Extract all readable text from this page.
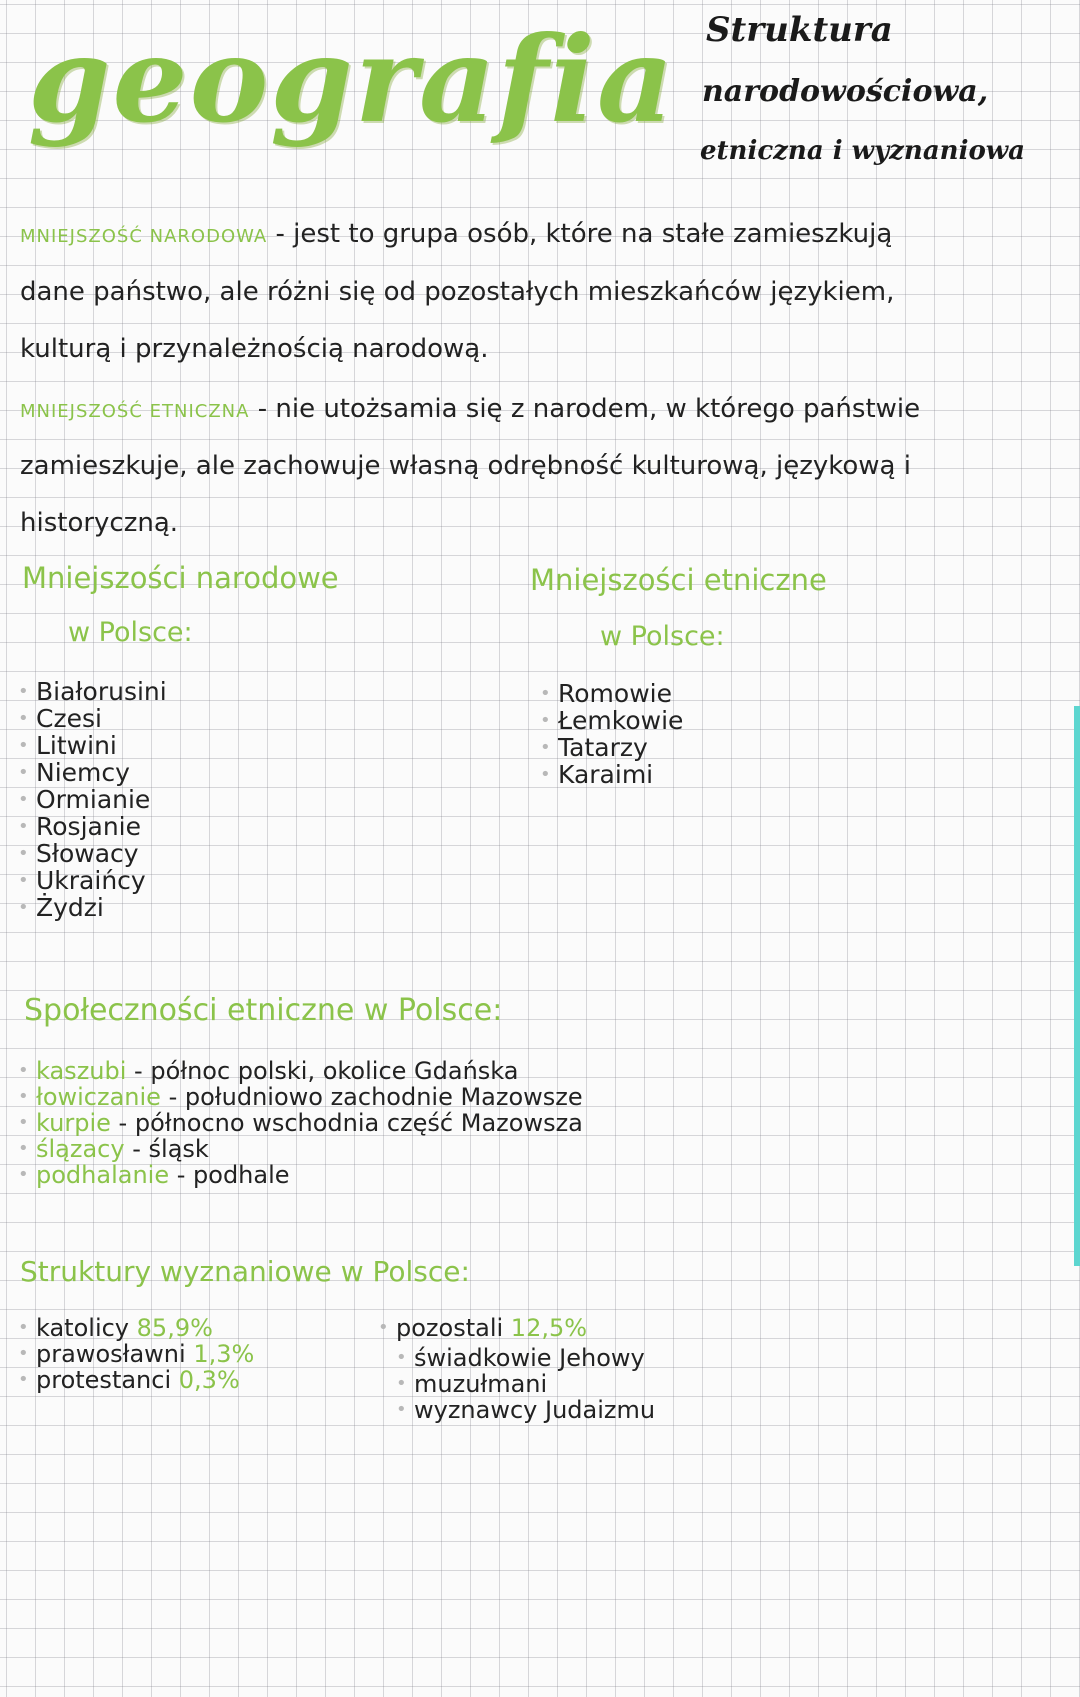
geografia Struktura
narodowościowa,
etniczna i wyznaniowa
MNIEJSZOŚĆ NARODOWA - jest to grupa osób, które na stałe zamieszkują
dane państwo, ale różni się od pozostałych mieszkańców językiem,
kulturą i przynależnością narodową.
MNIEJSZOŚĆ ETNICZNA - nie utożsamia się z narodem, w którego państwie
zamieszkuje, ale zachowuje własną odrębność kulturową, językową i
historyczną.
Mniejszości narodowe
w Polsce:
• Białorusini
• Czesi
• Litwini
• Niemcy
• Ormianie
• Rosjanie
• Słowacy
• Ukraińcy
• Żydzi
Mniejszości etniczne
w Polsce:
• Romowie
• Łemkowie
• Tatarzy
• Karaimi
Społeczności etniczne w Polsce:
• kaszubi - północ polski, okolice Gdańska
• łowiczanie - południowo zachodnie Mazowsze
• kurpie - północno wschodnia część Mazowsza
• ślązacy - śląsk
• podhalanie - podhale
Struktury wyznaniowe w Polsce:
• katolicy 85,9%
• prawosławni 1,3%
• protestanci 0,3%
• pozostali 12,5%
• świadkowie Jehowy
• muzułmani
• wyznawcy Judaizmu
